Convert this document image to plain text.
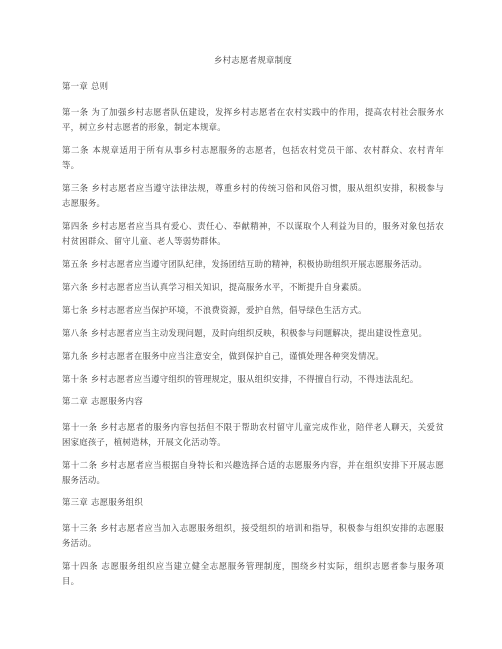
乡村志愿者规章制度
第一章 总则

第一条 为了加强乡村志愿者队伍建设，发挥乡村志愿者在农村实践中的作用，提高农村社会服务水平，树立乡村志愿者的形象，制定本规章。

第二条 本规章适用于所有从事乡村志愿服务的志愿者，包括农村党员干部、农村群众、农村青年等。

第三条 乡村志愿者应当遵守法律法规，尊重乡村的传统习俗和风俗习惯，服从组织安排，积极参与志愿服务。

第四条 乡村志愿者应当具有爱心、责任心、奉献精神，不以谋取个人利益为目的，服务对象包括农村贫困群众、留守儿童、老人等弱势群体。

第五条 乡村志愿者应当遵守团队纪律，发扬团结互助的精神，积极协助组织开展志愿服务活动。

第六条 乡村志愿者应当认真学习相关知识，提高服务水平，不断提升自身素质。

第七条 乡村志愿者应当保护环境，不浪费资源，爱护自然，倡导绿色生活方式。

第八条 乡村志愿者应当主动发现问题，及时向组织反映，积极参与问题解决，提出建设性意见。

第九条 乡村志愿者在服务中应当注意安全，做到保护自己，谨慎处理各种突发情况。

第十条 乡村志愿者应当遵守组织的管理规定，服从组织安排，不得擅自行动，不得违法乱纪。

第二章 志愿服务内容

第十一条 乡村志愿者的服务内容包括但不限于帮助农村留守儿童完成作业，陪伴老人聊天，关爱贫困家庭孩子，植树造林，开展文化活动等。

第十二条 乡村志愿者应当根据自身特长和兴趣选择合适的志愿服务内容，并在组织安排下开展志愿服务活动。

第三章 志愿服务组织

第十三条 乡村志愿者应当加入志愿服务组织，接受组织的培训和指导，积极参与组织安排的志愿服务活动。

第十四条 志愿服务组织应当建立健全志愿服务管理制度，围绕乡村实际，组织志愿者参与服务项目。
